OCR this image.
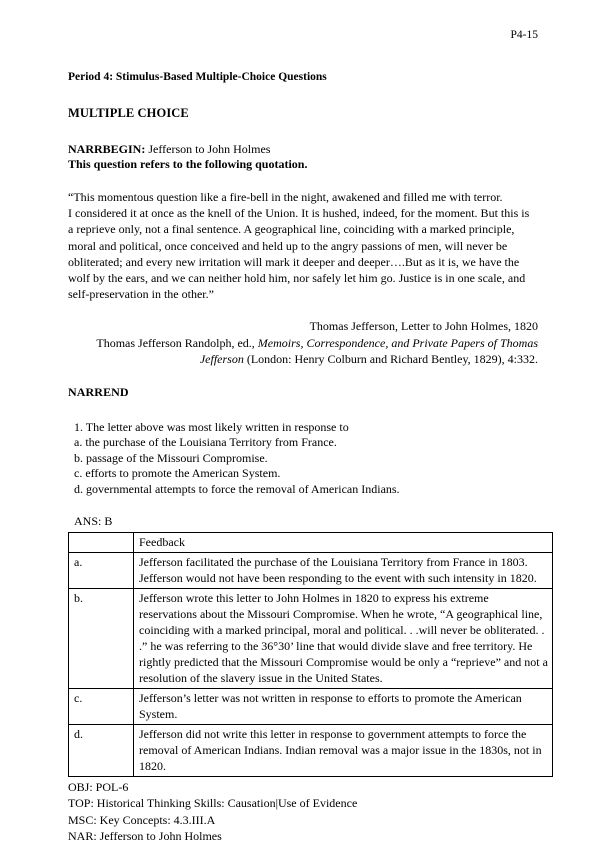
P4-15
Period 4: Stimulus-Based Multiple-Choice Questions
MULTIPLE CHOICE
NARRBEGIN: Jefferson to John Holmes
This question refers to the following quotation.
“This momentous question like a fire-bell in the night, awakened and filled me with terror.
I considered it at once as the knell of the Union. It is hushed, indeed, for the moment. But this is
a reprieve only, not a final sentence. A geographical line, coinciding with a marked principle,
moral and political, once conceived and held up to the angry passions of men, will never be
obliterated; and every new irritation will mark it deeper and deeper….But as it is, we have the
wolf by the ears, and we can neither hold him, nor safely let him go. Justice is in one scale, and
self-preservation in the other.”
Thomas Jefferson, Letter to John Holmes, 1820
Thomas Jefferson Randolph, ed., Memoirs, Correspondence, and Private Papers of Thomas
Jefferson (London: Henry Colburn and Richard Bentley, 1829), 4:332.
NARREND
1. The letter above was most likely written in response to
a. the purchase of the Louisiana Territory from France.
b. passage of the Missouri Compromise.
c. efforts to promote the American System.
d. governmental attempts to force the removal of American Indians.
ANS: B
	Feedback
a.	Jefferson facilitated the purchase of the Louisiana Territory from France in 1803. Jefferson would not have been responding to the event with such intensity in 1820.
b.	Jefferson wrote this letter to John Holmes in 1820 to express his extreme reservations about the Missouri Compromise. When he wrote, “A geographical line, coinciding with a marked principal, moral and political. . .will never be obliterated. . .” he was referring to the 36°30’ line that would divide slave and free territory. He rightly predicted that the Missouri Compromise would be only a “reprieve” and not a resolution of the slavery issue in the United States.
c.	Jefferson’s letter was not written in response to efforts to promote the American System.
d.	Jefferson did not write this letter in response to government attempts to force the removal of American Indians. Indian removal was a major issue in the 1830s, not in 1820.
OBJ: POL-6
TOP: Historical Thinking Skills: Causation|Use of Evidence
MSC: Key Concepts: 4.3.III.A
NAR: Jefferson to John Holmes
